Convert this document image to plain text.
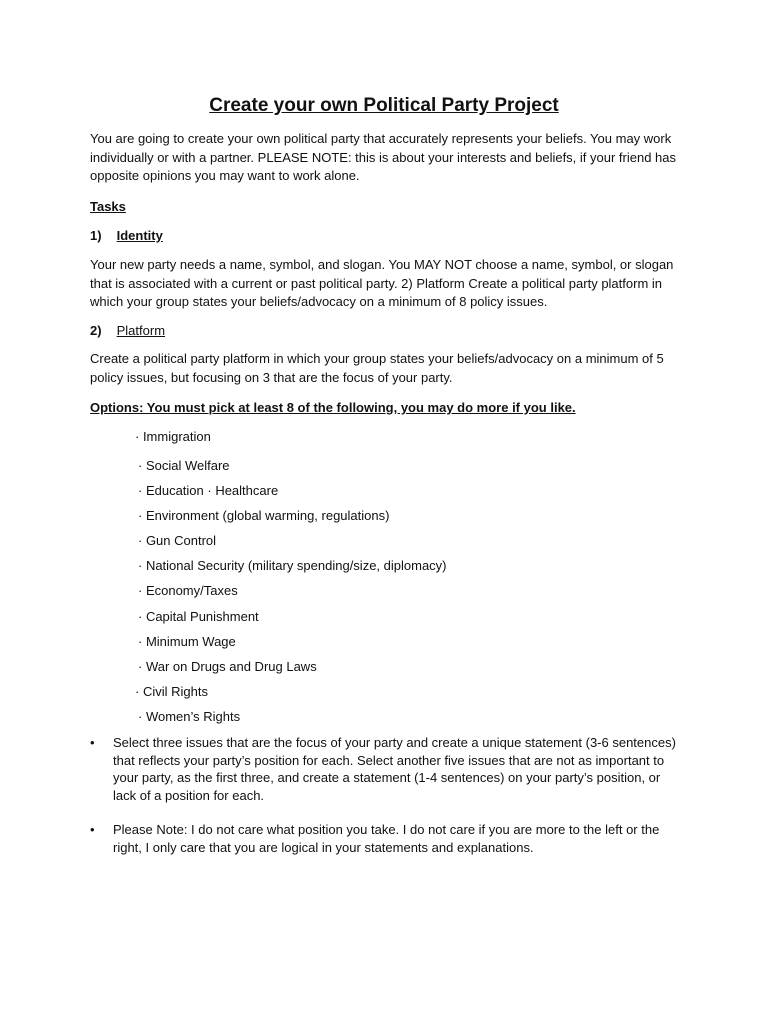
Create your own Political Party Project
You are going to create your own political party that accurately represents your beliefs. You may work individually or with a partner. PLEASE NOTE: this is about your interests and beliefs, if your friend has opposite opinions you may want to work alone.
Tasks
1) Identity
Your new party needs a name, symbol, and slogan. You MAY NOT choose a name, symbol, or slogan that is associated with a current or past political party. 2) Platform Create a political party platform in which your group states your beliefs/advocacy on a minimum of 8 policy issues.
2) Platform
Create a political party platform in which your group states your beliefs/advocacy on a minimum of 5 policy issues, but focusing on 3 that are the focus of your party.
Options: You must pick at least 8 of the following, you may do more if you like.
· Immigration
· Social Welfare
· Education · Healthcare
· Environment (global warming, regulations)
· Gun Control
· National Security (military spending/size, diplomacy)
· Economy/Taxes
· Capital Punishment
· Minimum Wage
· War on Drugs and Drug Laws
· Civil Rights
· Women’s Rights
• Select three issues that are the focus of your party and create a unique statement (3-6 sentences) that reflects your party’s position for each. Select another five issues that are not as important to your party, as the first three, and create a statement (1-4 sentences) on your party’s position, or lack of a position for each.
• Please Note: I do not care what position you take. I do not care if you are more to the left or the right, I only care that you are logical in your statements and explanations.
